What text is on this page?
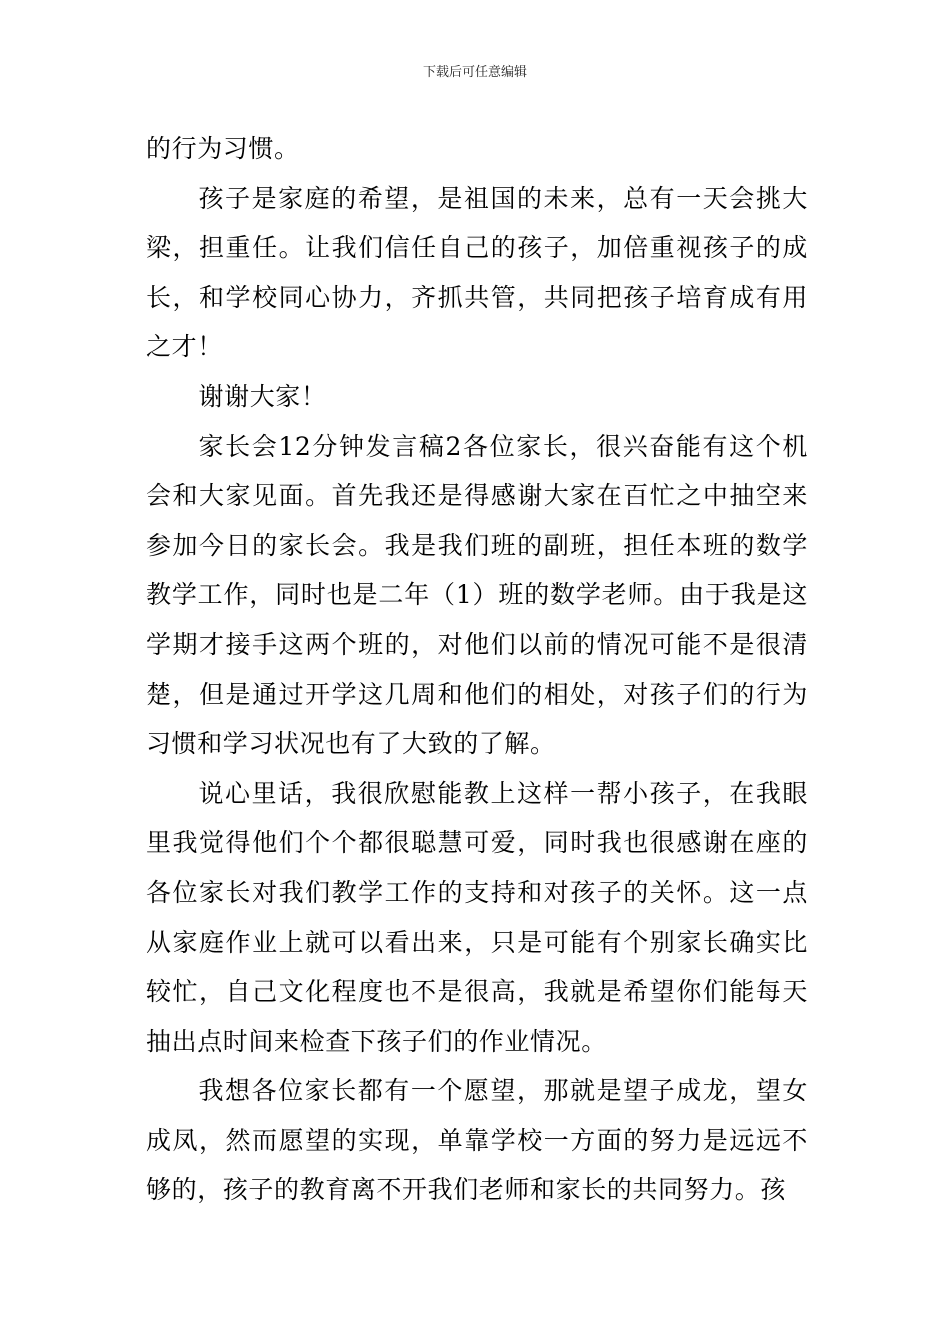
下载后可任意编辑

的行为习惯。

孩子是家庭的希望，是祖国的未来，总有一天会挑大梁，担重任。让我们信任自己的孩子，加倍重视孩子的成长，和学校同心协力，齐抓共管，共同把孩子培育成有用之才！

谢谢大家！

家长会12分钟发言稿2各位家长，很兴奋能有这个机会和大家见面。首先我还是得感谢大家在百忙之中抽空来参加今日的家长会。我是我们班的副班，担任本班的数学教学工作，同时也是二年（1）班的数学老师。由于我是这学期才接手这两个班的，对他们以前的情况可能不是很清楚，但是通过开学这几周和他们的相处，对孩子们的行为习惯和学习状况也有了大致的了解。

说心里话，我很欣慰能教上这样一帮小孩子，在我眼里我觉得他们个个都很聪慧可爱，同时我也很感谢在座的各位家长对我们教学工作的支持和对孩子的关怀。这一点从家庭作业上就可以看出来，只是可能有个别家长确实比较忙，自己文化程度也不是很高，我就是希望你们能每天抽出点时间来检查下孩子们的作业情况。

我想各位家长都有一个愿望，那就是望子成龙，望女成凤，然而愿望的实现，单靠学校一方面的努力是远远不够的，孩子的教育离不开我们老师和家长的共同努力。孩
